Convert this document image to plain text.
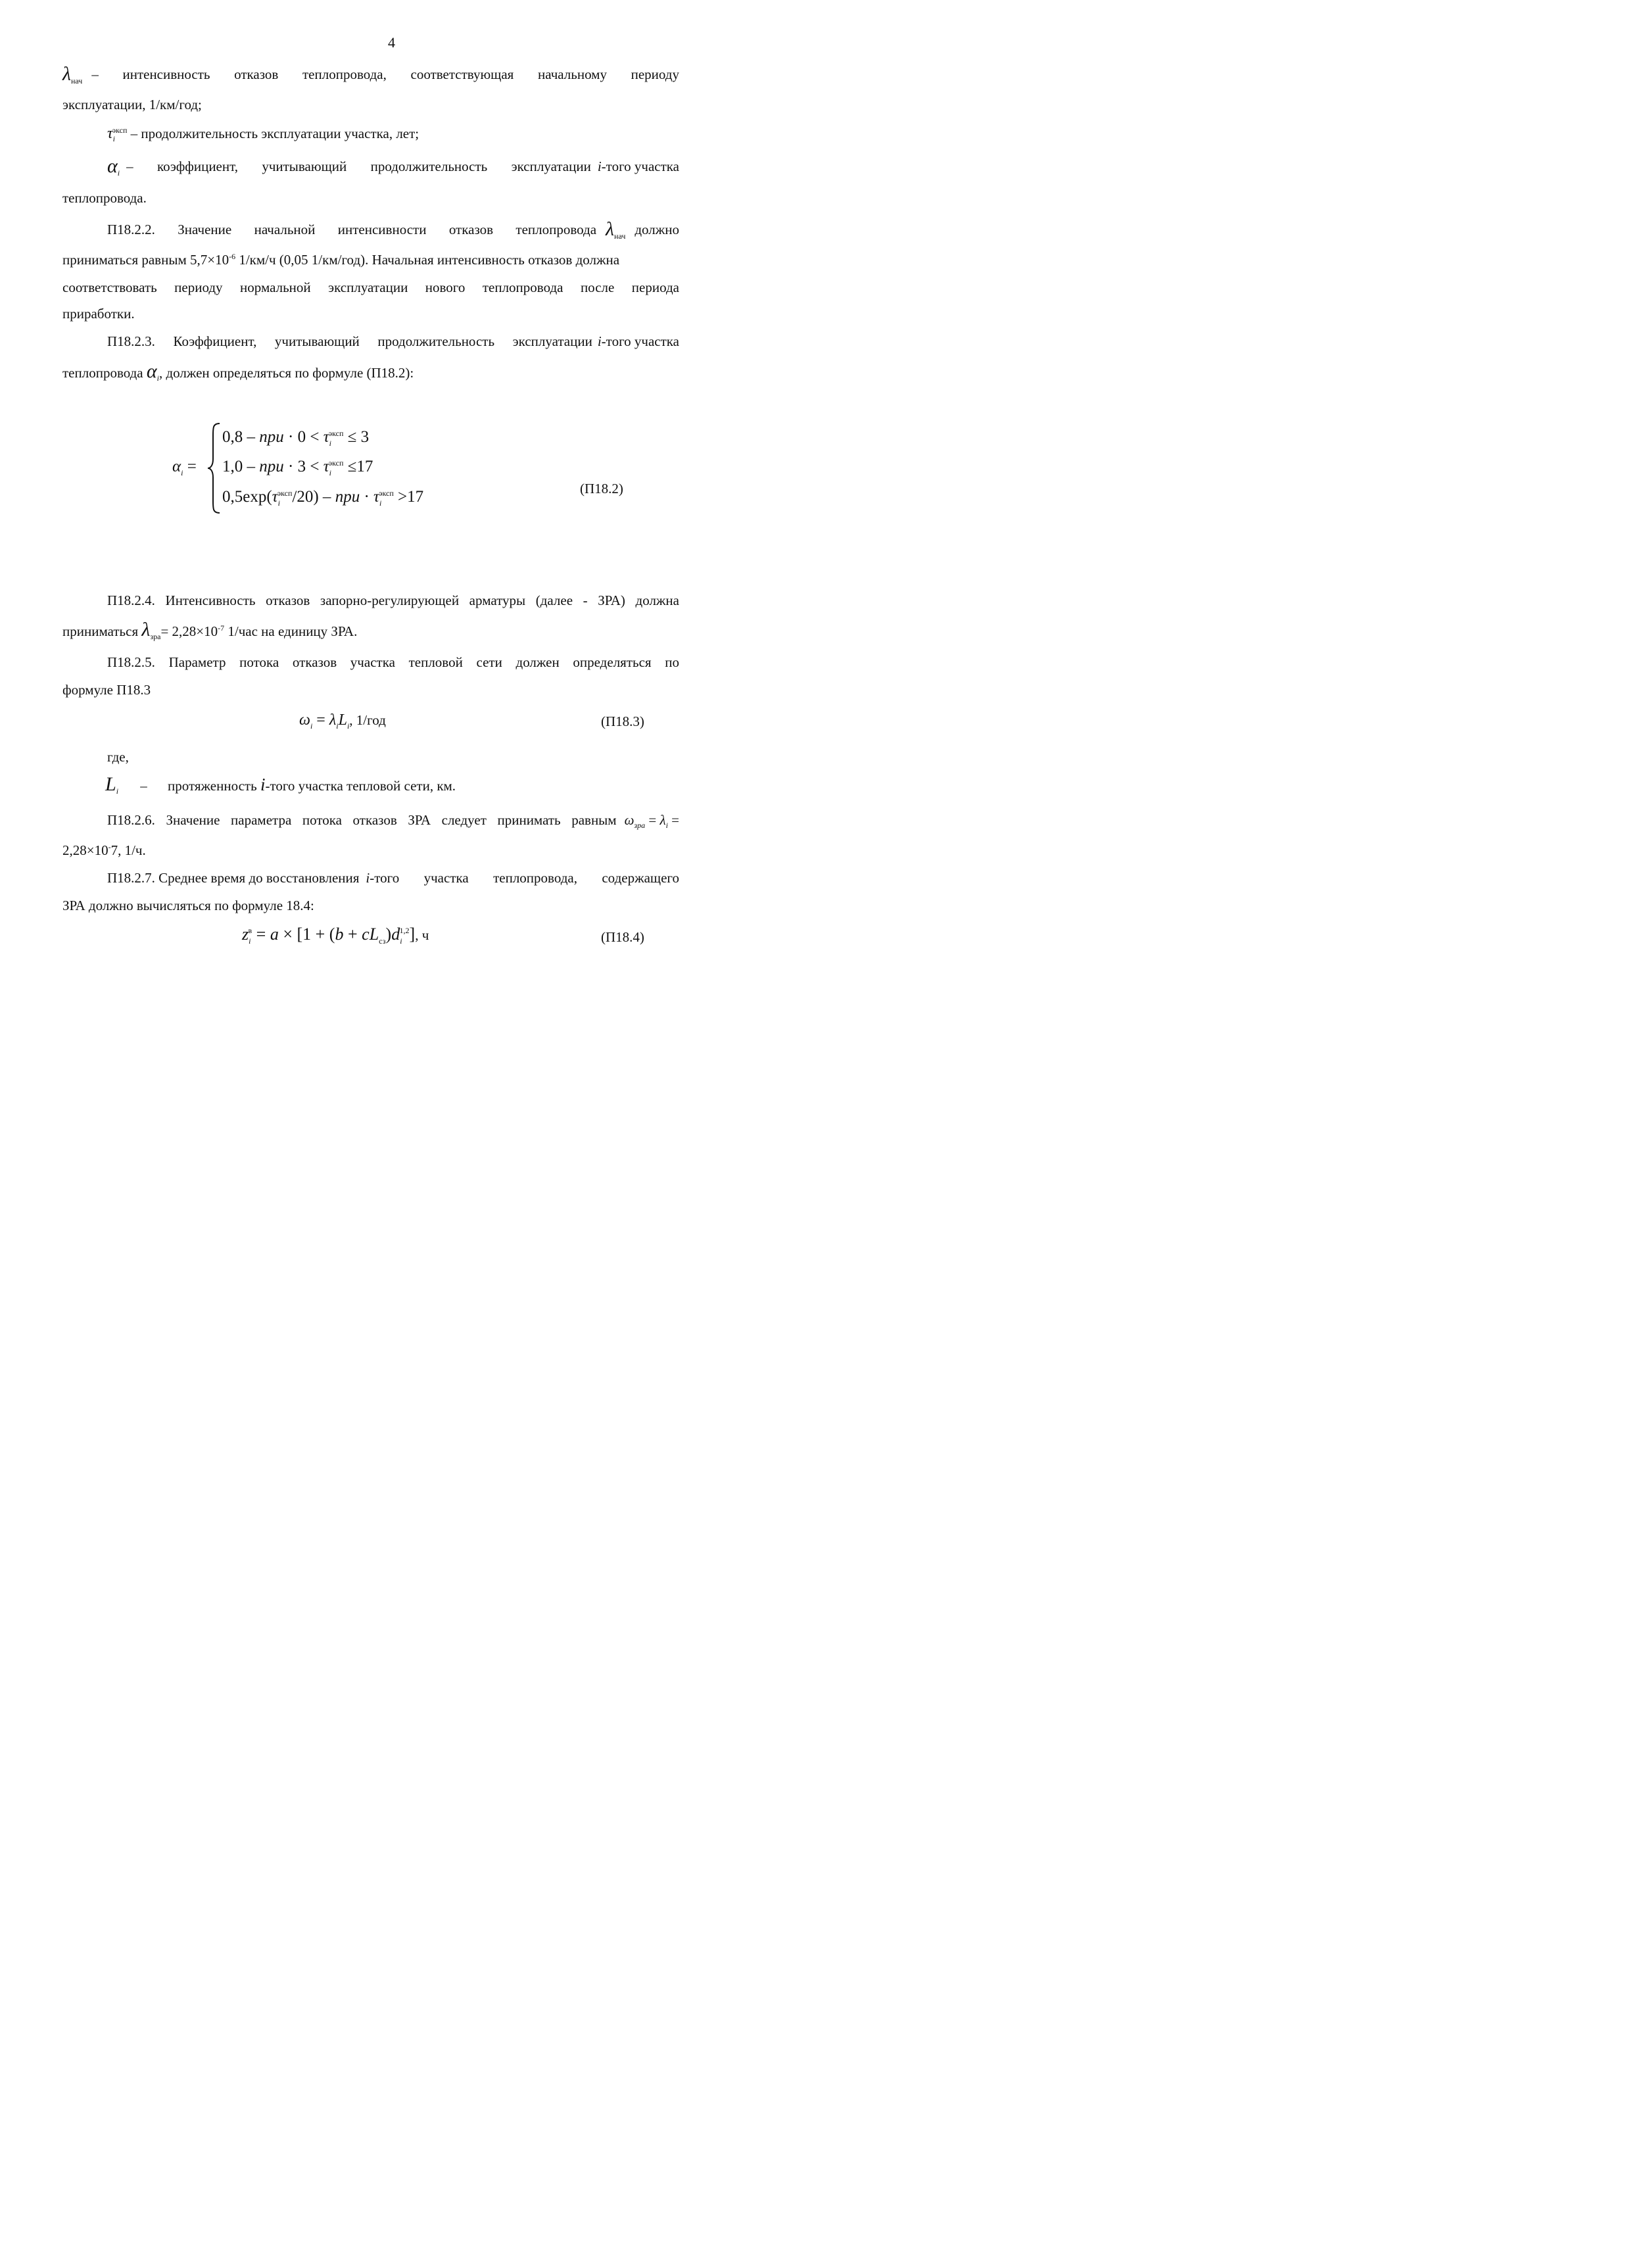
4
$\lambda_{нач}$ – интенсивность отказов теплопровода, соответствующая начальному периоду
эксплуатации, 1/км/год;
$\tau_i^{эксп}$ – продолжительность эксплуатации участка, лет;
$\alpha_i$ – коэффициент, учитывающий продолжительность эксплуатации i-того участка
теплопровода.
П18.2.2. Значение начальной интенсивности отказов теплопровода $\lambda_{нач}$ должно
приниматься равным $5,7\times 10^{-6}$ 1/км/ч (0,05 1/км/год). Начальная интенсивность отказов должна
соответствовать периоду нормальной эксплуатации нового теплопровода после периода
приработки.
П18.2.3. Коэффициент, учитывающий продолжительность эксплуатации i-того участка
теплопровода $\alpha_i$, должен определяться по формуле (П18.2):
$\alpha_i$ =
0,8 – при · $0 < \tau_i^{эксп} \le 3$
1,0 – при · $3 < \tau_i^{эксп} \le 17$
$0,5\exp(\tau_i^{эксп}/20)$ – при · $\tau_i^{эксп} >17$	(П18.2)
П18.2.4. Интенсивность отказов запорно-регулирующей арматуры (далее - ЗРА) должна
приниматься $\lambda_{зра}= 2,28\times 10^{-7}$ 1/час на единицу ЗРА.
П18.2.5. Параметр потока отказов участка тепловой сети должен определяться по
формуле П18.3
$\omega_i = \lambda_iL_i$, 1/год	(П18.3)
где,
$L_i$ – протяженность i-того участка тепловой сети, км.
П18.2.6. Значение параметра потока отказов ЗРА следует принимать равным $\omega_{зра} = \lambda_i$ =
2,28×10-7, 1/ч.
П18.2.7. Среднее время до восстановления i-того участка теплопровода, содержащего
ЗРА должно вычисляться по формуле 18.4:
$z_i^в = a \times [1 + (b + cL_{сз})d_i^{1,2}]$, ч	(П18.4)
